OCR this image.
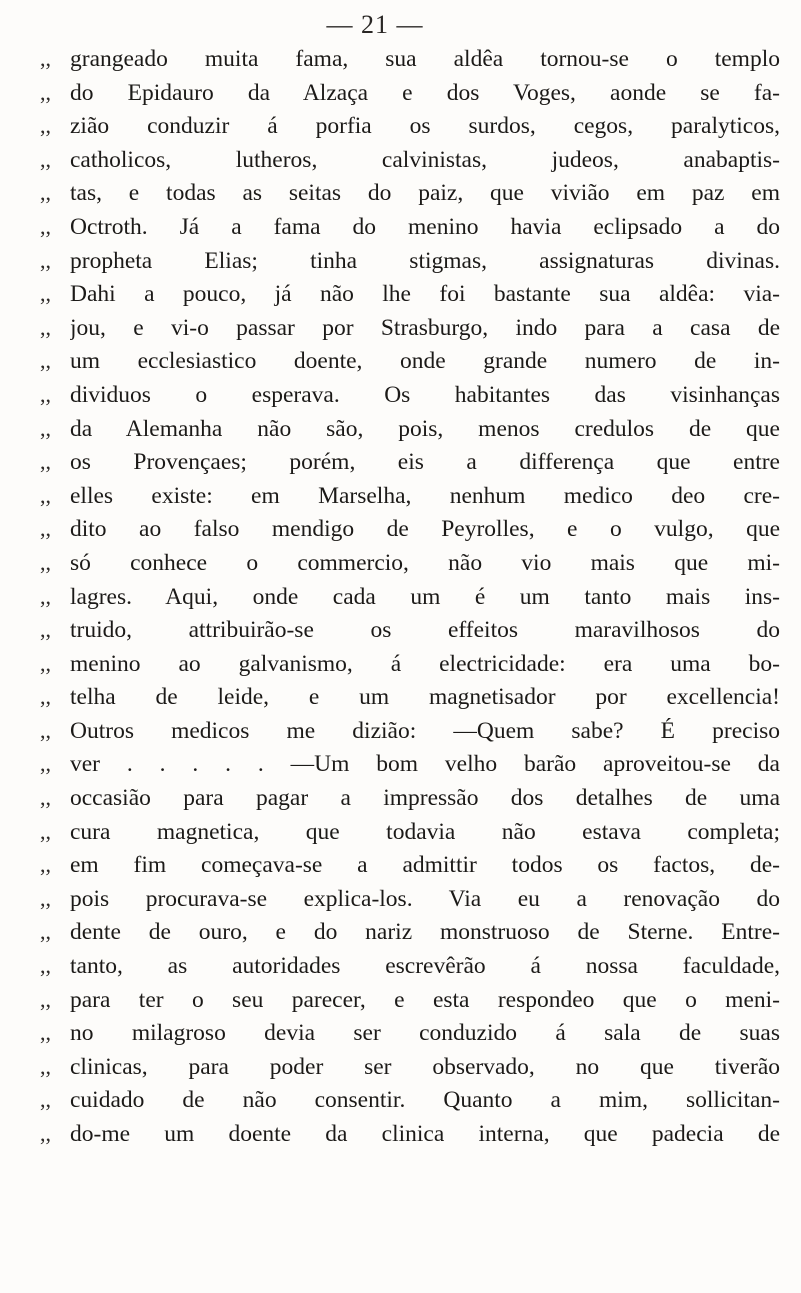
— 21 —
,, grangeado muita fama, sua aldêa tornou-se o templo
,, do Epidauro da Alzaça e dos Voges, aonde se fa-
,, zião conduzir á porfia os surdos, cegos, paralyticos,
,, catholicos, lutheros, calvinistas, judeos, anabaptis-
,, tas, e todas as seitas do paiz, que vivião em paz em
,, Octroth. Já a fama do menino havia eclipsado a do
,, propheta Elias; tinha stigmas, assignaturas divinas.
,, Dahi a pouco, já não lhe foi bastante sua aldêa: via-
,, jou, e vi-o passar por Strasburgo, indo para a casa de
,, um ecclesiastico doente, onde grande numero de in-
,, dividuos o esperava. Os habitantes das visinhanças
,, da Alemanha não são, pois, menos credulos de que
,, os Provençaes; porém, eis a differença que entre
,, elles existe: em Marselha, nenhum medico deo cre-
,, dito ao falso mendigo de Peyrolles, e o vulgo, que
,, só conhece o commercio, não vio mais que mi-
,, lagres. Aqui, onde cada um é um tanto mais ins-
,, truido, attribuirão-se os effeitos maravilhosos do
,, menino ao galvanismo, á electricidade: era uma bo-
,, telha de leide, e um magnetisador por excellencia!
,, Outros medicos me dizião: —Quem sabe? É preciso
,, ver . . . . . —Um bom velho barão aproveitou-se da
,, occasião para pagar a impressão dos detalhes de uma
,, cura magnetica, que todavia não estava completa;
,, em fim começava-se a admittir todos os factos, de-
,, pois procurava-se explica-los. Via eu a renovação do
,, dente de ouro, e do nariz monstruoso de Sterne. Entre-
,, tanto, as autoridades escrevêrão á nossa faculdade,
,, para ter o seu parecer, e esta respondeo que o meni-
,, no milagroso devia ser conduzido á sala de suas
,, clinicas, para poder ser observado, no que tiverão
,, cuidado de não consentir. Quanto a mim, sollicitan-
,, do-me um doente da clinica interna, que padecia de
